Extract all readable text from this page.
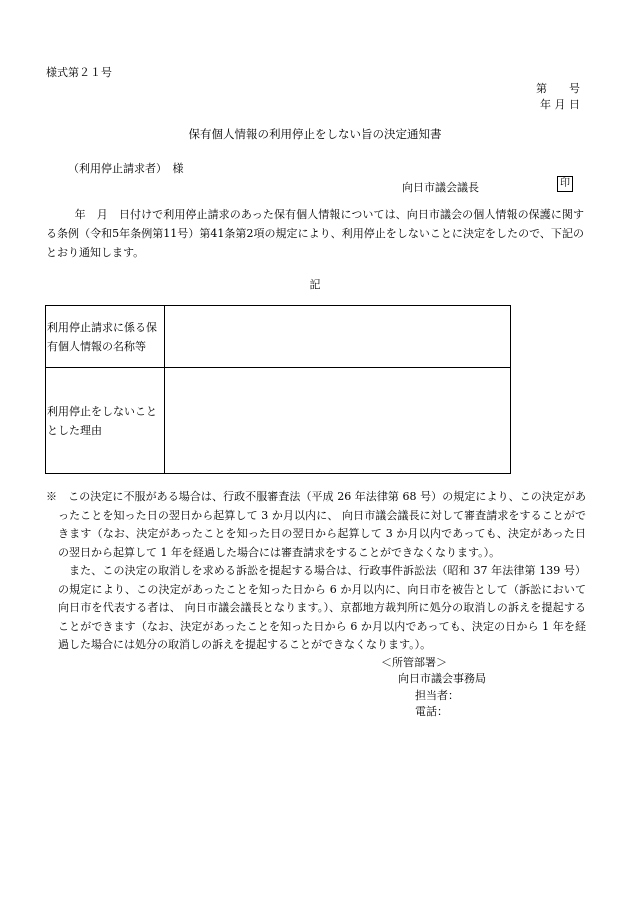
様式第２１号
第　　号
年 月 日
保有個人情報の利用停止をしない旨の決定通知書
（利用停止請求者）　様
向日市議会議長	印
年　月　日付けで利用停止請求のあった保有個人情報については、向日市議会の個人情報の保護に関する条例（令和5年条例第11号）第41条第2項の規定により、利用停止をしないことに決定をしたので、下記のとおり通知します。
記
利用停止請求に係る保有個人情報の名称等	
利用停止をしないこととした理由	

※　この決定に不服がある場合は、行政不服審査法（平成 26 年法律第 68 号）の規定により、この決定があったことを知った日の翌日から起算して 3 か月以内に、 向日市議会議長に対して審査請求をすることができます（なお、決定があったことを知った日の翌日から起算して 3 か月以内であっても、決定があった日の翌日から起算して 1 年を経過した場合には審査請求をすることができなくなります。）。

また、この決定の取消しを求める訴訟を提起する場合は、行政事件訴訟法（昭和 37 年法律第 139 号）の規定により、この決定があったことを知った日から 6 か月以内に、向日市を被告として（訴訟において向日市を代表する者は、 向日市議会議長となります。）、京都地方裁判所に処分の取消しの訴えを提起することができます（なお、決定があったことを知った日から 6 か月以内であっても、決定の日から 1 年を経過した場合には処分の取消しの訴えを提起することができなくなります。）。

＜所管部署＞
向日市議会事務局
担当者：
電話：
